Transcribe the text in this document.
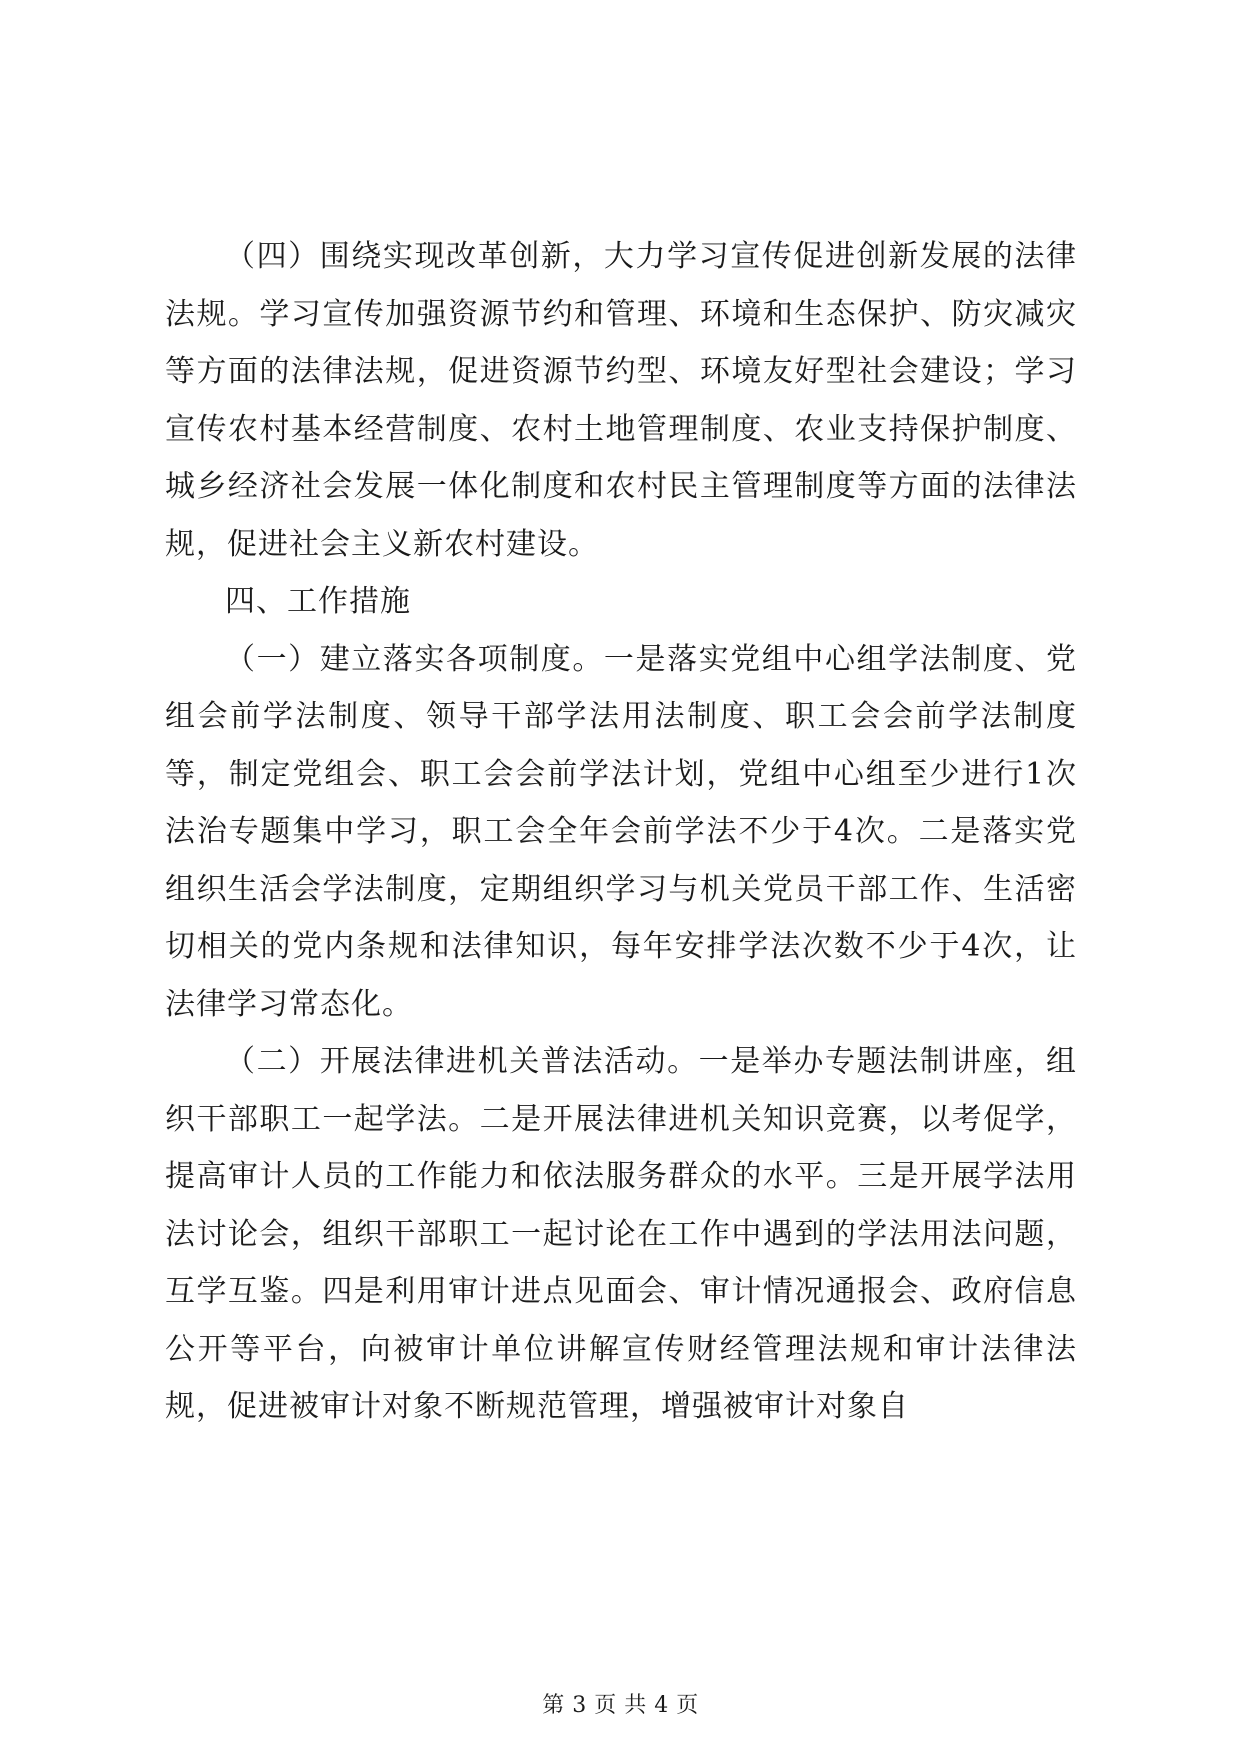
（四）围绕实现改革创新，大力学习宣传促进创新发展的法律法规。学习宣传加强资源节约和管理、环境和生态保护、防灾减灾等方面的法律法规，促进资源节约型、环境友好型社会建设；学习宣传农村基本经营制度、农村土地管理制度、农业支持保护制度、城乡经济社会发展一体化制度和农村民主管理制度等方面的法律法规，促进社会主义新农村建设。

四、工作措施

（一）建立落实各项制度。一是落实党组中心组学法制度、党组会前学法制度、领导干部学法用法制度、职工会会前学法制度等，制定党组会、职工会会前学法计划，党组中心组至少进行1次法治专题集中学习，职工会全年会前学法不少于4次。二是落实党组织生活会学法制度，定期组织学习与机关党员干部工作、生活密切相关的党内条规和法律知识，每年安排学法次数不少于4次，让法律学习常态化。

（二）开展法律进机关普法活动。一是举办专题法制讲座，组织干部职工一起学法。二是开展法律进机关知识竞赛，以考促学，提高审计人员的工作能力和依法服务群众的水平。三是开展学法用法讨论会，组织干部职工一起讨论在工作中遇到的学法用法问题，互学互鉴。四是利用审计进点见面会、审计情况通报会、政府信息公开等平台，向被审计单位讲解宣传财经管理法规和审计法律法规，促进被审计对象不断规范管理，增强被审计对象自

第 3 页 共 4 页
